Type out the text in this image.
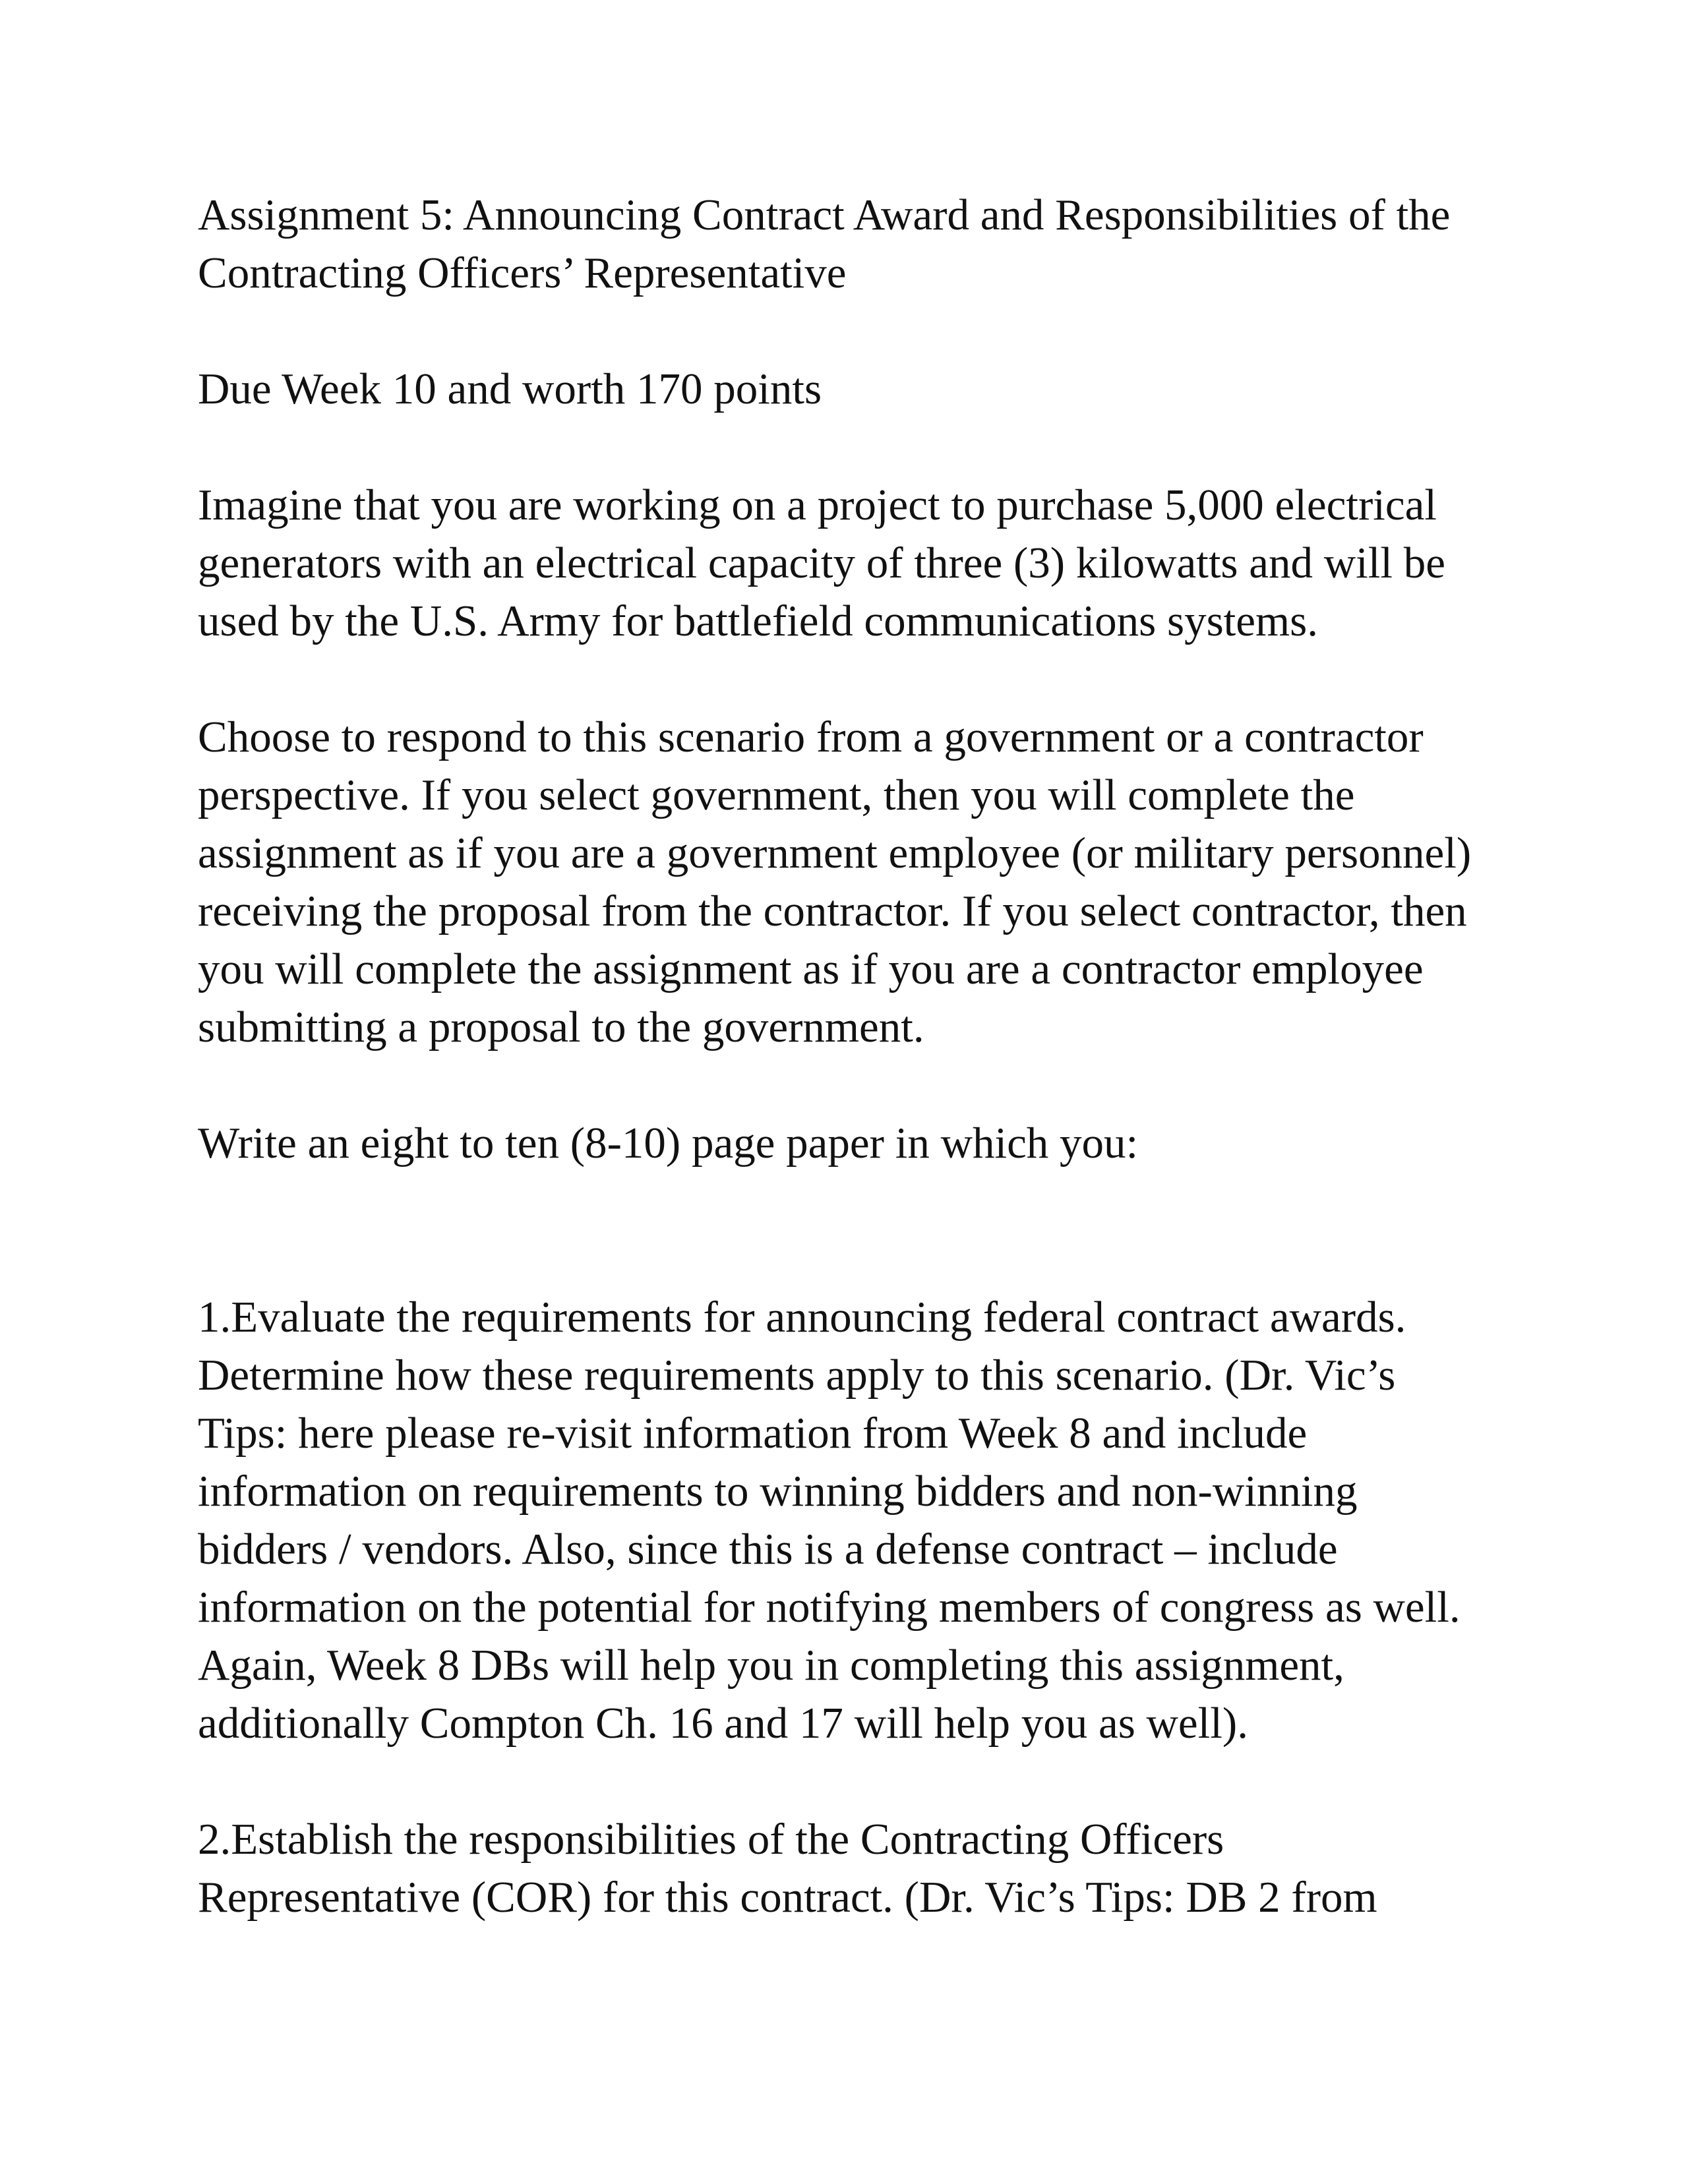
Assignment 5: Announcing Contract Award and Responsibilities of the
Contracting Officers’ Representative

Due Week 10 and worth 170 points

Imagine that you are working on a project to purchase 5,000 electrical
generators with an electrical capacity of three (3) kilowatts and will be
used by the U.S. Army for battlefield communications systems.

Choose to respond to this scenario from a government or a contractor
perspective. If you select government, then you will complete the
assignment as if you are a government employee (or military personnel)
receiving the proposal from the contractor. If you select contractor, then
you will complete the assignment as if you are a contractor employee
submitting a proposal to the government.

Write an eight to ten (8-10) page paper in which you:

1.Evaluate the requirements for announcing federal contract awards.
Determine how these requirements apply to this scenario. (Dr. Vic’s
Tips: here please re-visit information from Week 8 and include
information on requirements to winning bidders and non-winning
bidders / vendors. Also, since this is a defense contract – include
information on the potential for notifying members of congress as well.
Again, Week 8 DBs will help you in completing this assignment,
additionally Compton Ch. 16 and 17 will help you as well).

2.Establish the responsibilities of the Contracting Officers
Representative (COR) for this contract. (Dr. Vic’s Tips: DB 2 from
